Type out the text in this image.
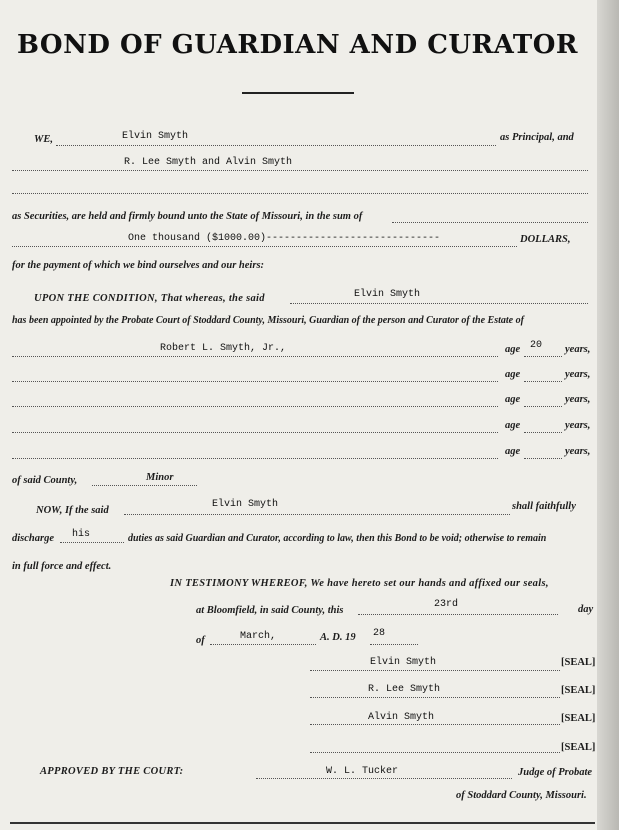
BOND OF GUARDIAN AND CURATOR
WE,	Elvin Smyth	as Principal, and
R. Lee Smyth and Alvin Smyth
as Securities, are held and firmly bound unto the State of Missouri, in the sum of
One thousand ($1000.00)-----------------------------	DOLLARS,
for the payment of which we bind ourselves and our heirs:
UPON THE CONDITION, That whereas, the said	Elvin Smyth
has been appointed by the Probate Court of Stoddard County, Missouri, Guardian of the person and Curator of the Estate of
Robert L. Smyth, Jr.,	age 20 years,
age	years,
age	years,
age	years,
age	years,
of said County,	Minor
NOW, If the said
Elvin Smyth	shall faithfully
discharge his	duties as said Guardian and Curator, according to law, then this Bond to be void; otherwise to remain
in full force and effect.
IN TESTIMONY WHEREOF, We have hereto set our hands and affixed our seals,
at Bloomfield, in said County, this
23rd	day
of	March,	A. D. 19 28
Elvin Smyth	[SEAL]
R. Lee Smyth	[SEAL]
Alvin Smyth	[SEAL]
[SEAL]
APPROVED BY THE COURT:	W. L. Tucker	Judge of Probate
of Stoddard County, Missouri.
